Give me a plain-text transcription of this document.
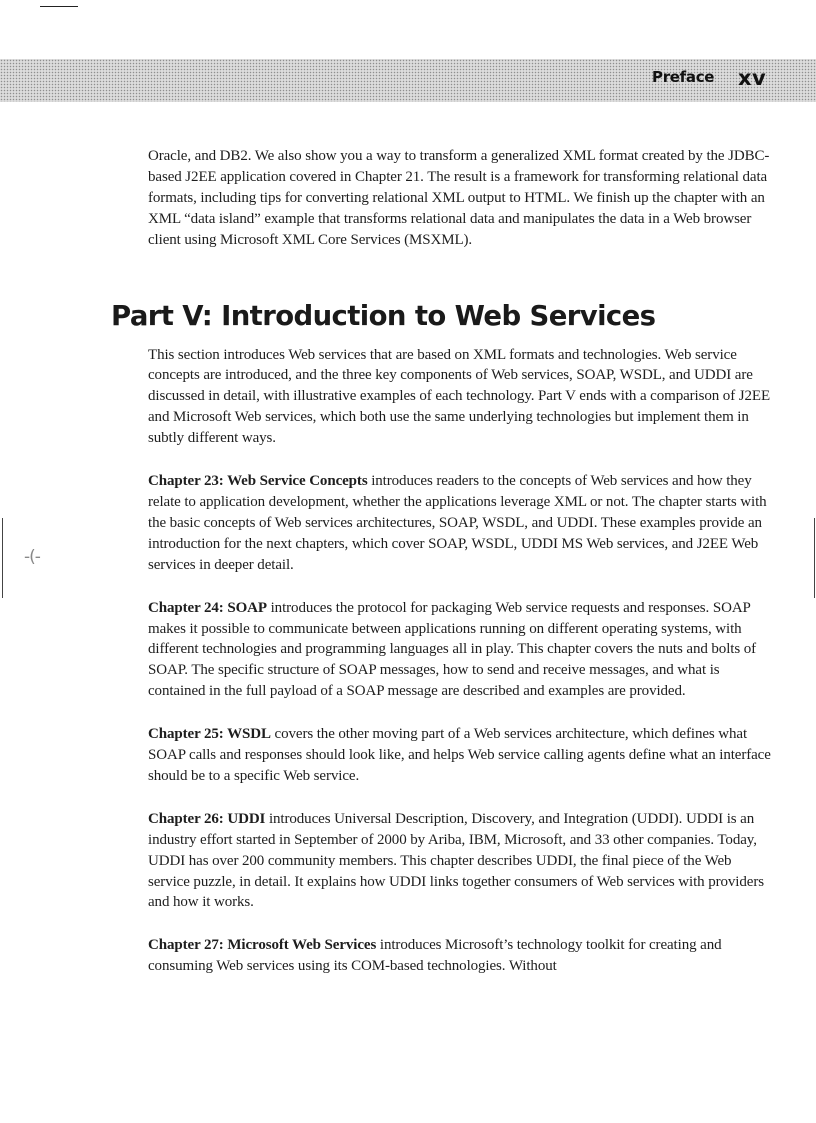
Preface xv
-(-

Oracle, and DB2. We also show you a way to transform a generalized XML format created by the JDBC-based J2EE application covered in Chapter 21. The result is a framework for transforming relational data formats, including tips for converting relational XML output to HTML. We finish up the chapter with an XML “data island” example that transforms relational data and manipulates the data in a Web browser client using Microsoft XML Core Services (MSXML).

Part V: Introduction to Web Services

This section introduces Web services that are based on XML formats and technologies. Web service concepts are introduced, and the three key components of Web services, SOAP, WSDL, and UDDI are discussed in detail, with illustrative examples of each technology. Part V ends with a comparison of J2EE and Microsoft Web services, which both use the same underlying technologies but implement them in subtly different ways.

Chapter 23: Web Service Concepts introduces readers to the concepts of Web services and how they relate to application development, whether the applications leverage XML or not. The chapter starts with the basic concepts of Web services architectures, SOAP, WSDL, and UDDI. These examples provide an introduction for the next chapters, which cover SOAP, WSDL, UDDI MS Web services, and J2EE Web services in deeper detail.

Chapter 24: SOAP introduces the protocol for packaging Web service requests and responses. SOAP makes it possible to communicate between applications running on different operating systems, with different technologies and programming languages all in play. This chapter covers the nuts and bolts of SOAP. The specific structure of SOAP messages, how to send and receive messages, and what is contained in the full payload of a SOAP message are described and examples are provided.

Chapter 25: WSDL covers the other moving part of a Web services architecture, which defines what SOAP calls and responses should look like, and helps Web service calling agents define what an interface should be to a specific Web service.

Chapter 26: UDDI introduces Universal Description, Discovery, and Integration (UDDI). UDDI is an industry effort started in September of 2000 by Ariba, IBM, Microsoft, and 33 other companies. Today, UDDI has over 200 community members. This chapter describes UDDI, the final piece of the Web service puzzle, in detail. It explains how UDDI links together consumers of Web services with providers and how it works.

Chapter 27: Microsoft Web Services introduces Microsoft’s technology toolkit for creating and consuming Web services using its COM-based technologies. Without
